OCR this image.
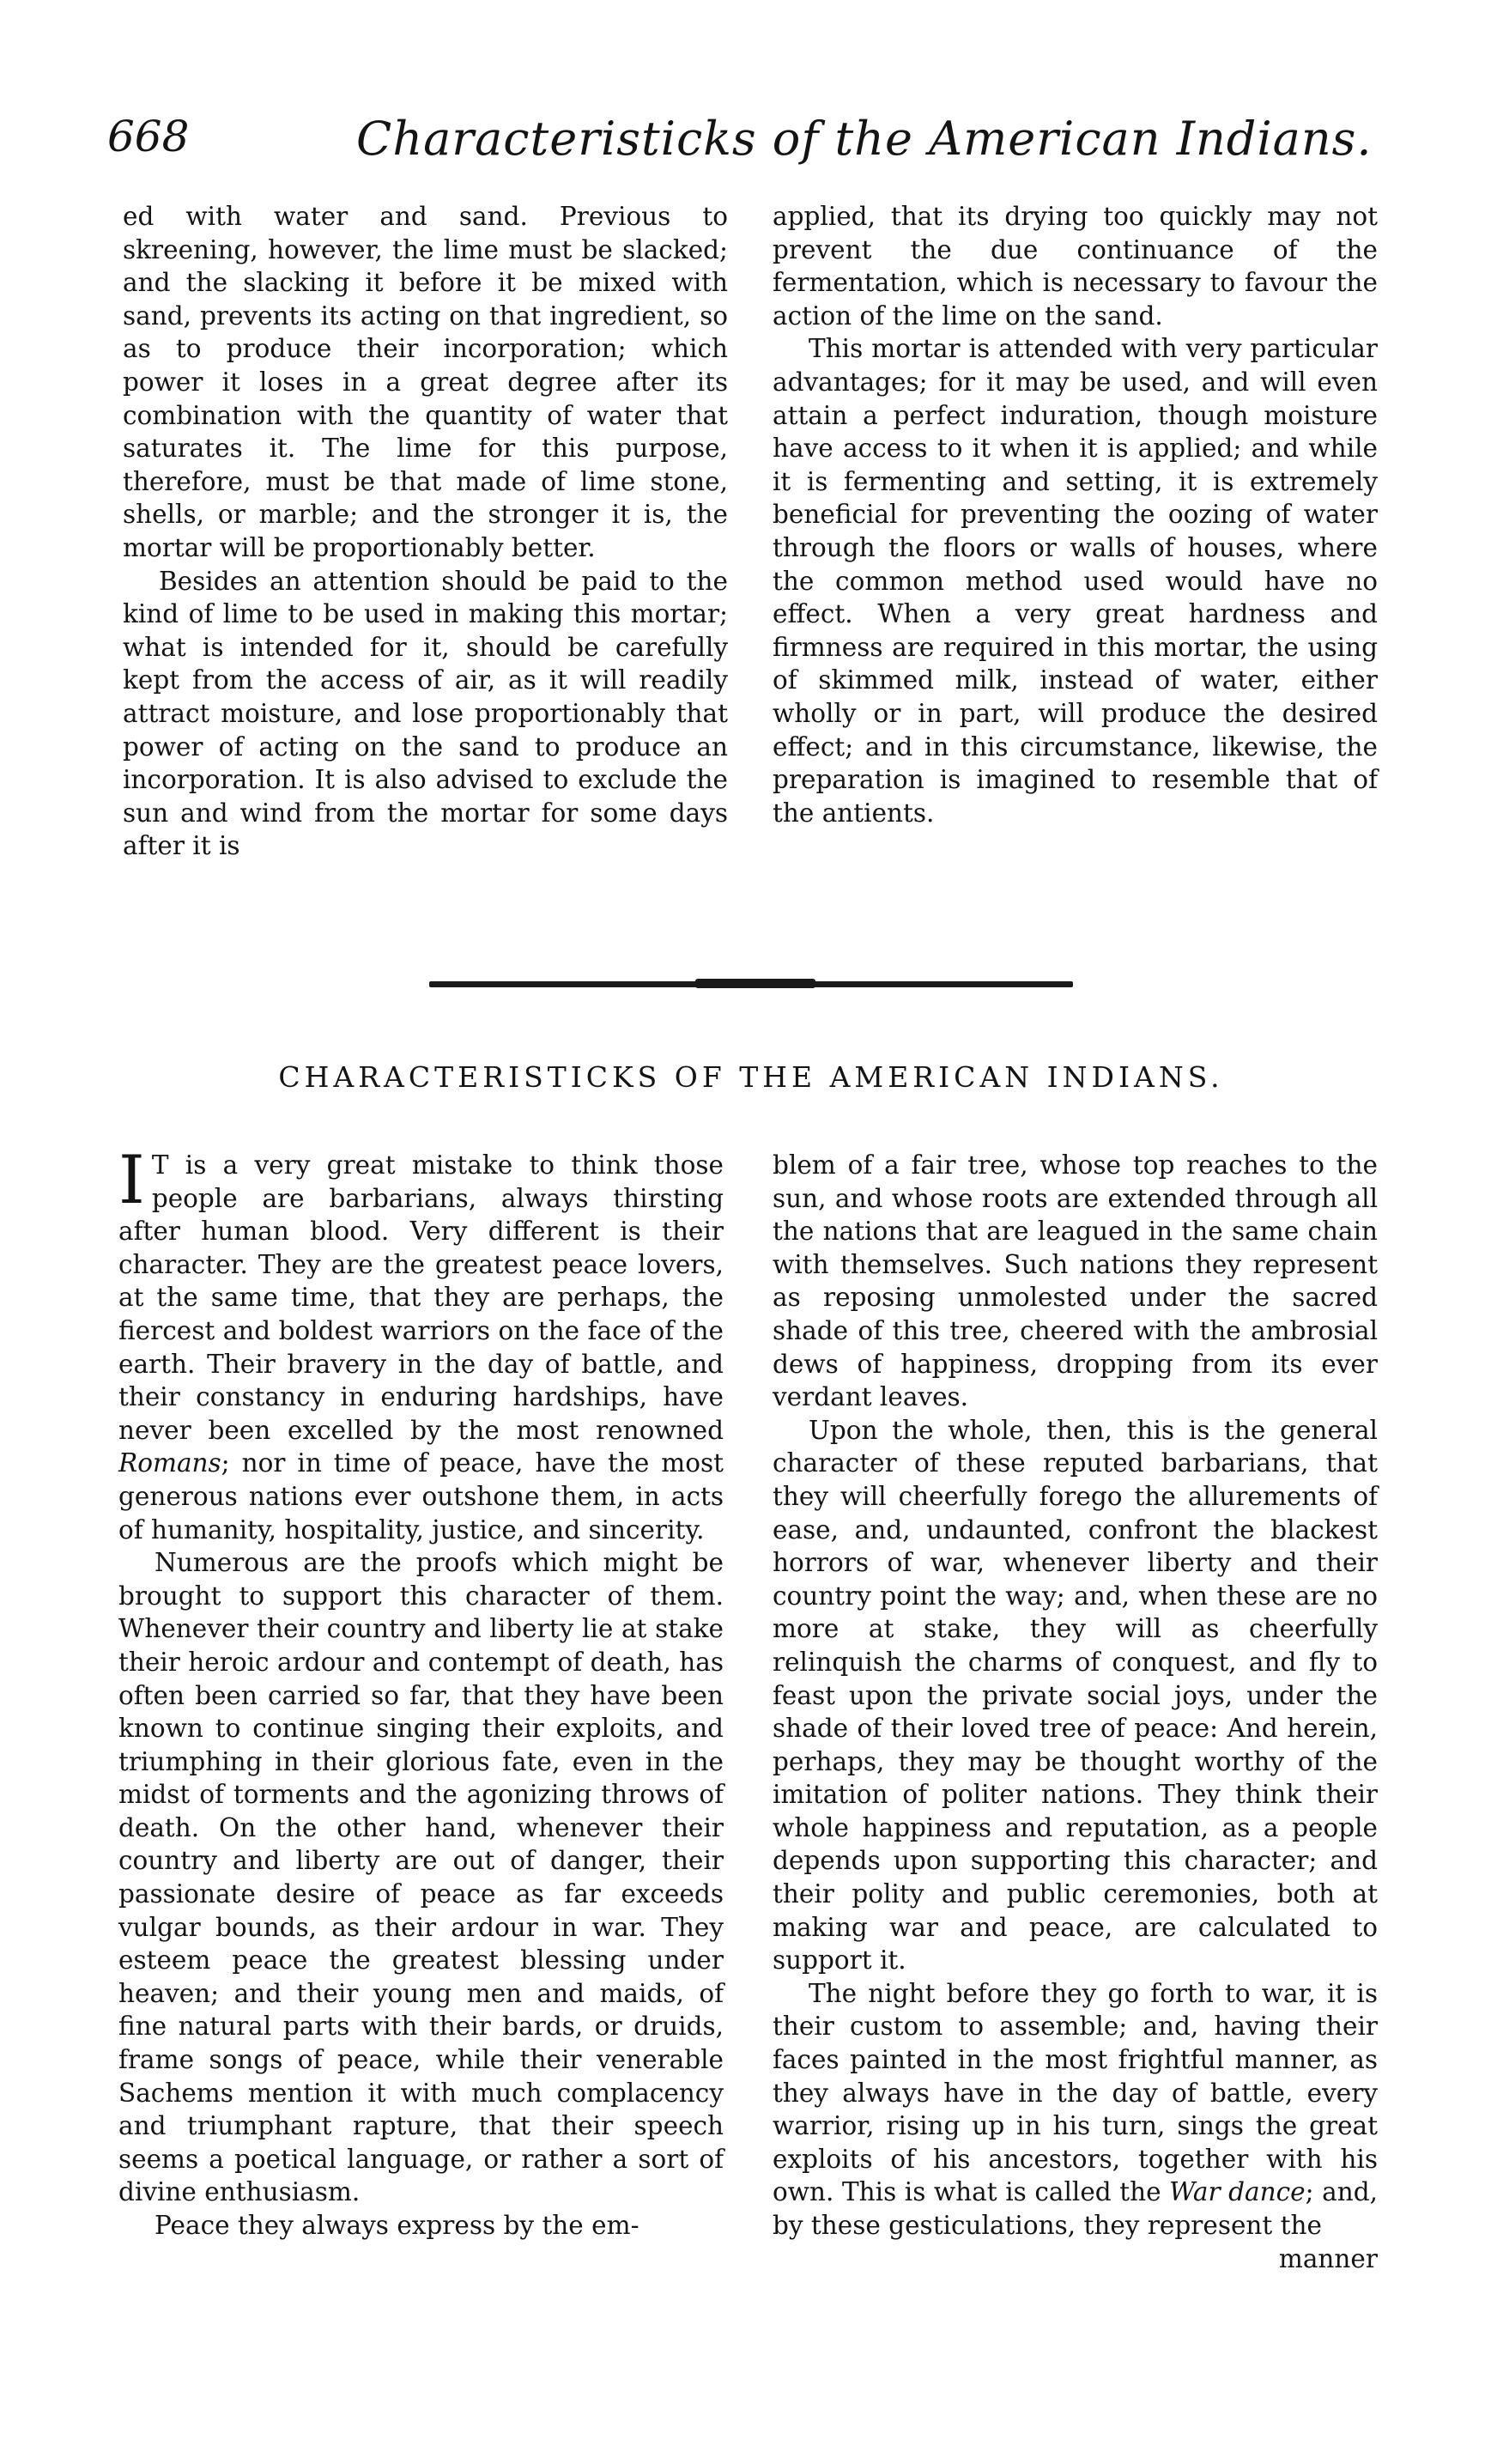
668	Characteristicks of the American Indians.

ed with water and sand. Previous to skreening, however, the lime must be slacked; and the slacking it before it be mixed with sand, prevents its acting on that ingredient, so as to produce their incorporation; which power it loses in a great degree after its combination with the quantity of water that saturates it. The lime for this purpose, therefore, must be that made of lime stone, shells, or marble; and the stronger it is, the mortar will be proportionably better.

Besides an attention should be paid to the kind of lime to be used in making this mortar; what is intended for it, should be carefully kept from the access of air, as it will readily attract moisture, and lose proportionably that power of acting on the sand to produce an incorporation. It is also advised to exclude the sun and wind from the mortar for some days after it is

applied, that its drying too quickly may not prevent the due continuance of the fermentation, which is necessary to favour the action of the lime on the sand.

This mortar is attended with very particular advantages; for it may be used, and will even attain a perfect induration, though moisture have access to it when it is applied; and while it is fermenting and setting, it is extremely beneficial for preventing the oozing of water through the floors or walls of houses, where the common method used would have no effect. When a very great hardness and firmness are required in this mortar, the using of skimmed milk, instead of water, either wholly or in part, will produce the desired effect; and in this circumstance, likewise, the preparation is imagined to resemble that of the antients.

CHARACTERISTICKS OF THE AMERICAN INDIANS.

I T is a very great mistake to think those people are barbarians, always thirsting after human blood. Very different is their character. They are the greatest peace lovers, at the same time, that they are perhaps, the fiercest and boldest warriors on the face of the earth. Their bravery in the day of battle, and their constancy in enduring hardships, have never been excelled by the most renowned Romans; nor in time of peace, have the most generous nations ever outshone them, in acts of humanity, hospitality, justice, and sincerity.

Numerous are the proofs which might be brought to support this character of them. Whenever their country and liberty lie at stake their heroic ardour and contempt of death, has often been carried so far, that they have been known to continue singing their exploits, and triumphing in their glorious fate, even in the midst of torments and the agonizing throws of death. On the other hand, whenever their country and liberty are out of danger, their passionate desire of peace as far exceeds vulgar bounds, as their ardour in war. They esteem peace the greatest blessing under heaven; and their young men and maids, of fine natural parts with their bards, or druids, frame songs of peace, while their venerable Sachems mention it with much complacency and triumphant rapture, that their speech seems a poetical language, or rather a sort of divine enthusiasm.

Peace they always express by the em-

blem of a fair tree, whose top reaches to the sun, and whose roots are extended through all the nations that are leagued in the same chain with themselves. Such nations they represent as reposing unmolested under the sacred shade of this tree, cheered with the ambrosial dews of happiness, dropping from its ever verdant leaves.

Upon the whole, then, this is the general character of these reputed barbarians, that they will cheerfully forego the allurements of ease, and, undaunted, confront the blackest horrors of war, whenever liberty and their country point the way; and, when these are no more at stake, they will as cheerfully relinquish the charms of conquest, and fly to feast upon the private social joys, under the shade of their loved tree of peace: And herein, perhaps, they may be thought worthy of the imitation of politer nations. They think their whole happiness and reputation, as a people depends upon supporting this character; and their polity and public ceremonies, both at making war and peace, are calculated to support it.

The night before they go forth to war, it is their custom to assemble; and, having their faces painted in the most frightful manner, as they always have in the day of battle, every warrior, rising up in his turn, sings the great exploits of his ancestors, together with his own. This is what is called the War dance; and, by these gesticulations, they represent the

manner
